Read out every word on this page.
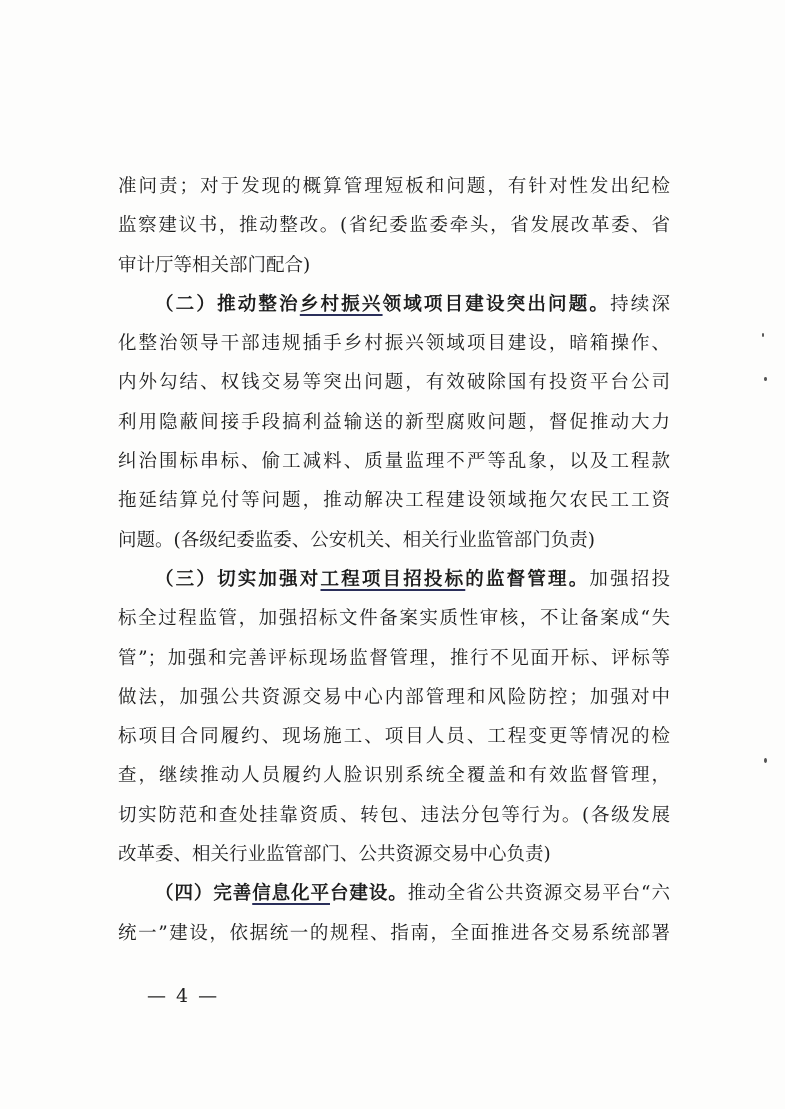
准问责；对于发现的概算管理短板和问题，有针对性发出纪检
监察建议书，推动整改。(省纪委监委牵头，省发展改革委、省
审计厅等相关部门配合)
（二）推动整治乡村振兴领域项目建设突出问题。持续深
化整治领导干部违规插手乡村振兴领域项目建设，暗箱操作、
内外勾结、权钱交易等突出问题，有效破除国有投资平台公司
利用隐蔽间接手段搞利益输送的新型腐败问题，督促推动大力
纠治围标串标、偷工减料、质量监理不严等乱象，以及工程款
拖延结算兑付等问题，推动解决工程建设领域拖欠农民工工资
问题。(各级纪委监委、公安机关、相关行业监管部门负责)
（三）切实加强对工程项目招投标的监督管理。加强招投
标全过程监管，加强招标文件备案实质性审核，不让备案成“失
管”；加强和完善评标现场监督管理，推行不见面开标、评标等
做法，加强公共资源交易中心内部管理和风险防控；加强对中
标项目合同履约、现场施工、项目人员、工程变更等情况的检
查，继续推动人员履约人脸识别系统全覆盖和有效监督管理，
切实防范和查处挂靠资质、转包、违法分包等行为。(各级发展
改革委、相关行业监管部门、公共资源交易中心负责)
（四）完善信息化平台建设。推动全省公共资源交易平台“六
统一”建设，依据统一的规程、指南，全面推进各交易系统部署
— 4 —
